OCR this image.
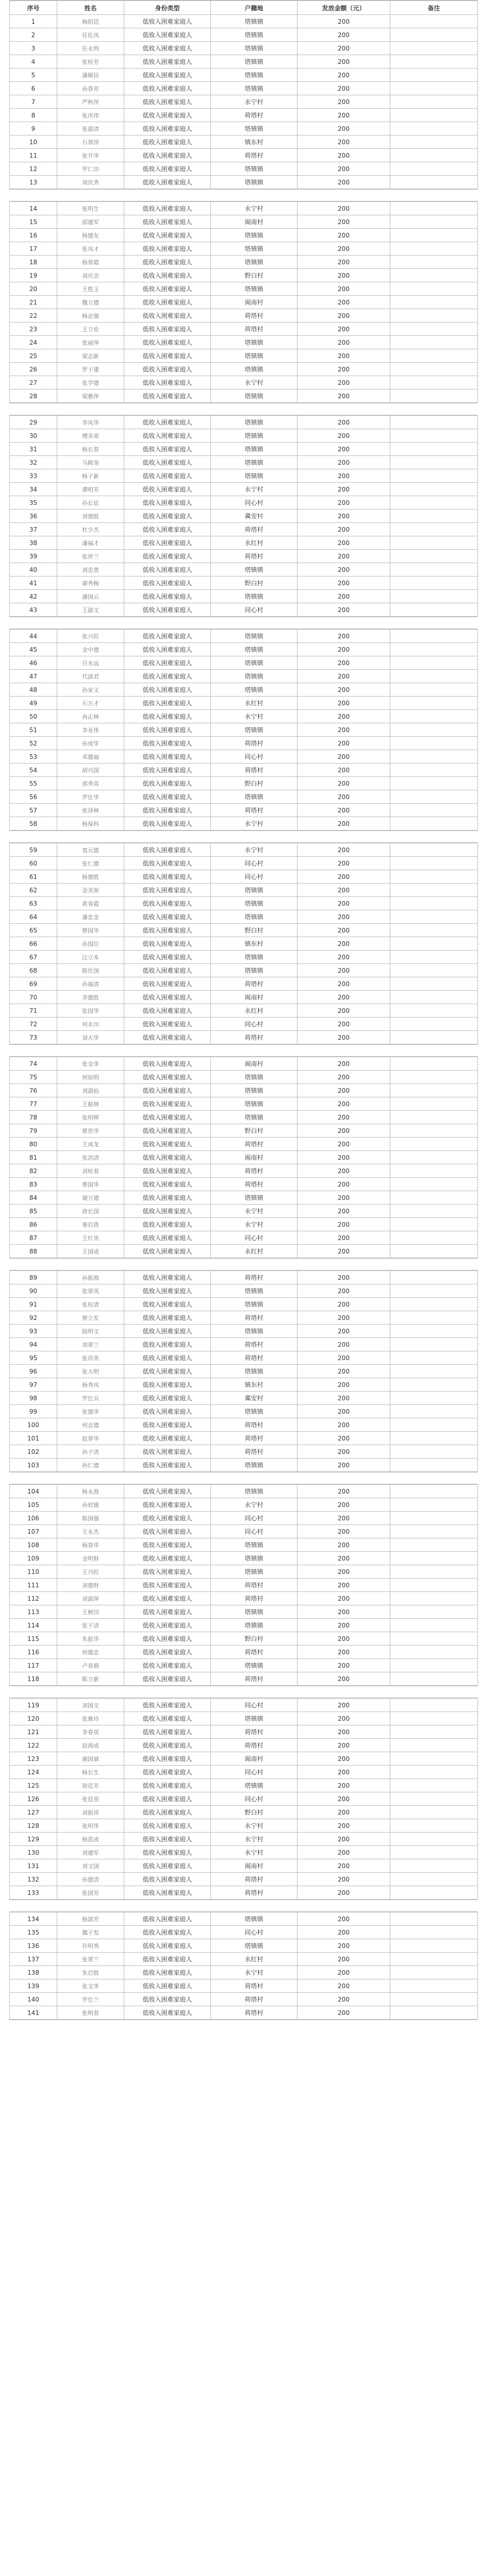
序号	姓名	身份类型	户籍地	发放金额（元）	备注
1	杨昭廷	低收入困难家庭人	塔镇镇	200	
2	任佐凤	低收入困难家庭人	塔镇镇	200	
3	任永明	低收入困难家庭人	塔镇镇	200	
4	张桂芳	低收入困难家庭人	塔镇镇	200	
5	潘顺民	低收入困难家庭人	塔镇镇	200	
6	孙春芳	低收入困难家庭人	塔镇镇	200	
7	严秋萍	低收入困难家庭人	永宁村	200	
8	张庆伟	低收入困难家庭人	荷塔村	200	
9	张淑清	低收入困难家庭人	塔镇镇	200	
10	石翠萍	低收入困难家庭人	镇东村	200	
11	张开华	低收入困难家庭人	荷塔村	200	
12	罗仁田	低收入困难家庭人	塔镇镇	200	
13	刘庆秀	低收入困难家庭人	塔镇镇	200	
14	张明生	低收入困难家庭人	永宁村	200	
15	邱建军	低收入困难家庭人	闽南村	200	
16	杨德友	低收入困难家庭人	塔镇镇	200	
17	张凤才	低收入困难家庭人	塔镇镇	200	
18	杨翠霞	低收入困难家庭人	塔镇镇	200	
19	刘庆余	低收入困难家庭人	野白村	200	
20	王胜玉	低收入困难家庭人	塔镇镇	200	
21	魏立德	低收入困难家庭人	闽南村	200	
22	杨志强	低收入困难家庭人	荷塔村	200	
23	王立伦	低收入困难家庭人	荷塔村	200	
24	张丽萍	低收入困难家庭人	塔镇镇	200	
25	梁志新	低收入困难家庭人	塔镇镇	200	
26	罗子建	低收入困难家庭人	塔镇镇	200	
27	张学德	低收入困难家庭人	永宁村	200	
28	梁雅萍	低收入困难家庭人	塔镇镇	200	
29	李凤华	低收入困难家庭人	塔镇镇	200	
30	傅美荣	低收入困难家庭人	塔镇镇	200	
31	杨长春	低收入困难家庭人	塔镇镇	200	
32	马殿奎	低收入困难家庭人	塔镇镇	200	
33	杨子新	低收入困难家庭人	塔镇镇	200	
34	谭明芳	低收入困难家庭人	永宁村	200	
35	孙长征	低收入困难家庭人	同心村	200	
36	刘德胜	低收入困难家庭人	冀安村	200	
37	杜少杰	低收入困难家庭人	荷塔村	200	
38	潘福才	低收入困难家庭人	永红村	200	
39	张世兰	低收入困难家庭人	荷塔村	200	
40	刘忠贵	低收入困难家庭人	塔镇镇	200	
41	谢秀梅	低收入困难家庭人	野白村	200	
42	潘国云	低收入困难家庭人	塔镇镇	200	
43	王淑文	低收入困难家庭人	同心村	200	
44	张兴旺	低收入困难家庭人	塔镇镇	200	
45	金中德	低收入困难家庭人	塔镇镇	200	
46	吕永远	低收入困难家庭人	塔镇镇	200	
47	代淑君	低收入困难家庭人	塔镇镇	200	
48	孙家义	低收入困难家庭人	塔镇镇	200	
49	石万才	低收入困难家庭人	永红村	200	
50	冉正林	低收入困难家庭人	永宁村	200	
51	李亚伟	低收入困难家庭人	塔镇镇	200	
52	孙成华	低收入困难家庭人	荷塔村	200	
53	邓德福	低收入困难家庭人	同心村	200	
54	胡兴国	低收入困难家庭人	荷塔村	200	
55	郭秀英	低收入困难家庭人	野白村	200	
56	罗仕华	低收入困难家庭人	塔镇镇	200	
57	张泽林	低收入困难家庭人	荷塔村	200	
58	杨保科	低收入困难家庭人	永宁村	200	
59	袁元德	低收入困难家庭人	永宁村	200	
60	张仁德	低收入困难家庭人	同心村	200	
61	杨德胜	低收入困难家庭人	同心村	200	
62	金美荣	低收入困难家庭人	塔镇镇	200	
63	黄春霞	低收入困难家庭人	塔镇镇	200	
64	潘忠金	低收入困难家庭人	塔镇镇	200	
65	蔡国华	低收入困难家庭人	野白村	200	
66	孙国臣	低收入困难家庭人	镇东村	200	
67	汪立本	低收入困难家庭人	塔镇镇	200	
68	陈仕国	低收入困难家庭人	塔镇镇	200	
69	孙福清	低收入困难家庭人	荷塔村	200	
70	李德胜	低收入困难家庭人	闽南村	200	
71	张国华	低收入困难家庭人	永红村	200	
72	何永田	低收入困难家庭人	同心村	200	
73	刘天华	低收入困难家庭人	荷塔村	200	
74	张金华	低收入困难家庭人	闽南村	200	
75	何如明	低收入困难家庭人	塔镇镇	200	
76	刘淑仙	低收入困难家庭人	塔镇镇	200	
77	王振林	低收入困难家庭人	塔镇镇	200	
78	张明辉	低收入困难家庭人	塔镇镇	200	
79	蔡世华	低收入困难家庭人	野白村	200	
80	王成龙	低收入困难家庭人	荷塔村	200	
81	张洪清	低收入困难家庭人	闽南村	200	
82	刘桂春	低收入困难家庭人	荷塔村	200	
83	蔡国华	低收入困难家庭人	荷塔村	200	
84	谢万德	低收入困难家庭人	塔镇镇	200	
85	唐长国	低收入困难家庭人	永宁村	200	
86	秦启贵	低收入困难家庭人	永宁村	200	
87	王红英	低收入困难家庭人	同心村	200	
88	王国成	低收入困难家庭人	永红村	200	
89	孙振海	低收入困难家庭人	荷塔村	200	
90	张翠英	低收入困难家庭人	塔镇镇	200	
91	张桂清	低收入困难家庭人	塔镇镇	200	
92	蔡立发	低收入困难家庭人	荷塔村	200	
93	陆明文	低收入困难家庭人	塔镇镇	200	
94	刘翠兰	低收入困难家庭人	荷塔村	200	
95	张洪英	低收入困难家庭人	荷塔村	200	
96	张大明	低收入困难家庭人	塔镇镇	200	
97	杨秀凤	低收入困难家庭人	镇东村	200	
98	罗仕兵	低收入困难家庭人	冀安村	200	
99	张德华	低收入困难家庭人	塔镇镇	200	
100	何志德	低收入困难家庭人	荷塔村	200	
101	赵翠华	低收入困难家庭人	荷塔村	200	
102	孙子清	低收入困难家庭人	荷塔村	200	
103	孙仁德	低收入困难家庭人	塔镇镇	200	
104	杨永海	低收入困难家庭人	塔镇镇	200	
105	孙欣媛	低收入困难家庭人	永宁村	200	
106	陈国强	低收入困难家庭人	同心村	200	
107	王永杰	低收入困难家庭人	同心村	200	
108	杨春华	低收入困难家庭人	塔镇镇	200	
109	金明财	低收入困难家庭人	塔镇镇	200	
110	王兴旺	低收入困难家庭人	塔镇镇	200	
111	刘德财	低收入困难家庭人	荷塔村	200	
112	刘淑萍	低收入困难家庭人	荷塔村	200	
113	王树田	低收入困难家庭人	塔镇镇	200	
114	张子清	低收入困难家庭人	塔镇镇	200	
115	朱振华	低收入困难家庭人	野白村	200	
116	何德忠	低收入困难家庭人	荷塔村	200	
117	卢春娟	低收入困难家庭人	塔镇镇	200	
118	陈立新	低收入困难家庭人	荷塔村	200	
119	刘国文	低收入困难家庭人	同心村	200	
120	张雅玲	低收入困难家庭人	塔镇镇	200	
121	李春英	低收入困难家庭人	荷塔村	200	
122	赵海成	低收入困难家庭人	荷塔村	200	
123	谢国斌	低收入困难家庭人	闽南村	200	
124	杨长生	低收入困难家庭人	同心村	200	
125	徐廷芳	低收入困难家庭人	塔镇镇	200	
126	张廷英	低收入困难家庭人	同心村	200	
127	刘振祥	低收入困难家庭人	野白村	200	
128	张明华	低收入困难家庭人	永宁村	200	
129	杨思成	低收入困难家庭人	永宁村	200	
130	刘建军	低收入困难家庭人	永宁村	200	
131	刘文国	低收入困难家庭人	闽南村	200	
132	孙德清	低收入困难家庭人	荷塔村	200	
133	张国芳	低收入困难家庭人	荷塔村	200	
134	杨淑芳	低收入困难家庭人	塔镇镇	200	
135	魏子发	低收入困难家庭人	同心村	200	
136	许明秀	低收入困难家庭人	塔镇镇	200	
137	张翠兰	低收入困难家庭人	永红村	200	
138	朱启胜	低收入困难家庭人	永宁村	200	
139	张文华	低收入困难家庭人	荷塔村	200	
140	罗仕兰	低收入困难家庭人	荷塔村	200	
141	张明春	低收入困难家庭人	荷塔村	200	
